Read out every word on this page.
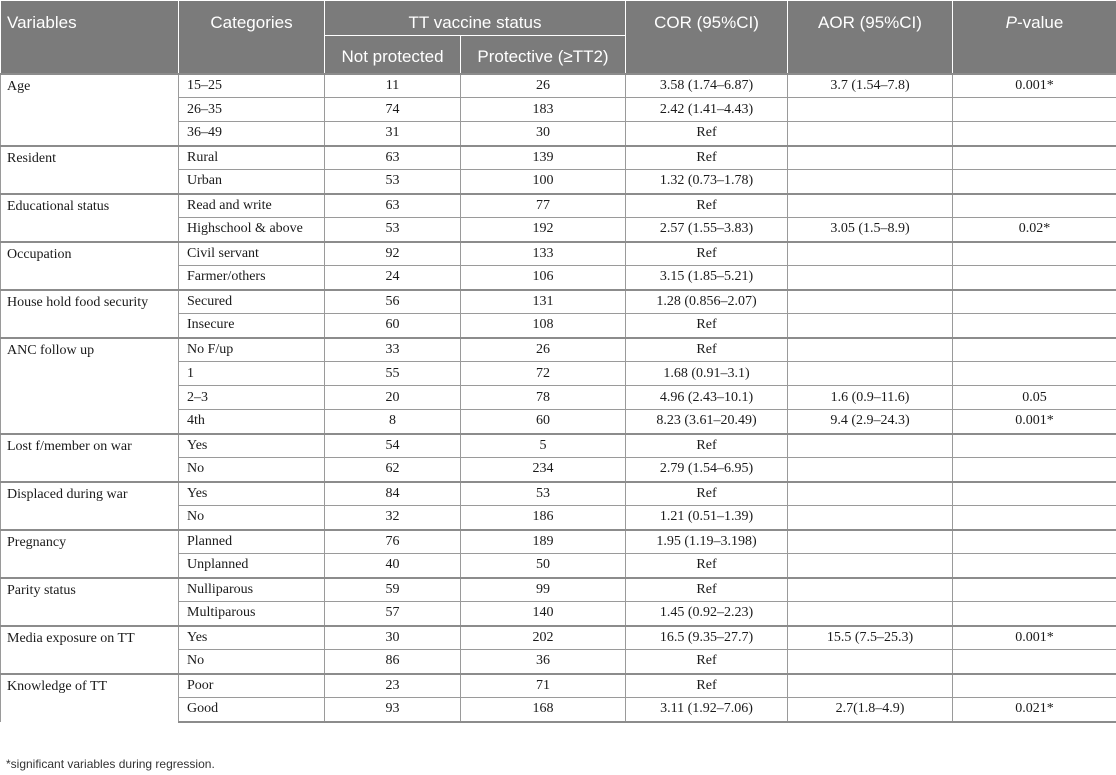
Variables	Categories	TT vaccine status		COR (95%CI)	AOR (95%CI)	P-value
		Not protected	Protective (≥TT2)			
Age	15–25	11	26	3.58 (1.74–6.87)	3.7 (1.54–7.8)	0.001*
	26–35	74	183	2.42 (1.41–4.43)		
	36–49	31	30	Ref		
Resident	Rural	63	139	Ref		
	Urban	53	100	1.32 (0.73–1.78)		
Educational status	Read and write	63	77	Ref		
	Highschool & above	53	192	2.57 (1.55–3.83)	3.05 (1.5–8.9)	0.02*
Occupation	Civil servant	92	133	Ref		
	Farmer/others	24	106	3.15 (1.85–5.21)		
House hold food security	Secured	56	131	1.28 (0.856–2.07)		
	Insecure	60	108	Ref		
ANC follow up	No F/up	33	26	Ref		
	1	55	72	1.68 (0.91–3.1)		
	2–3	20	78	4.96 (2.43–10.1)	1.6 (0.9–11.6)	0.05
	4th	8	60	8.23 (3.61–20.49)	9.4 (2.9–24.3)	0.001*
Lost f/member on war	Yes	54	5	Ref		
	No	62	234	2.79 (1.54–6.95)		
Displaced during war	Yes	84	53	Ref		
	No	32	186	1.21 (0.51–1.39)		
Pregnancy	Planned	76	189	1.95 (1.19–3.198)		
	Unplanned	40	50	Ref		
Parity status	Nulliparous	59	99	Ref		
	Multiparous	57	140	1.45 (0.92–2.23)		
Media exposure on TT	Yes	30	202	16.5 (9.35–27.7)	15.5 (7.5–25.3)	0.001*
	No	86	36	Ref		
Knowledge of TT	Poor	23	71	Ref		
	Good	93	168	3.11 (1.92–7.06)	2.7(1.8–4.9)	0.021*
*significant variables during regression.
